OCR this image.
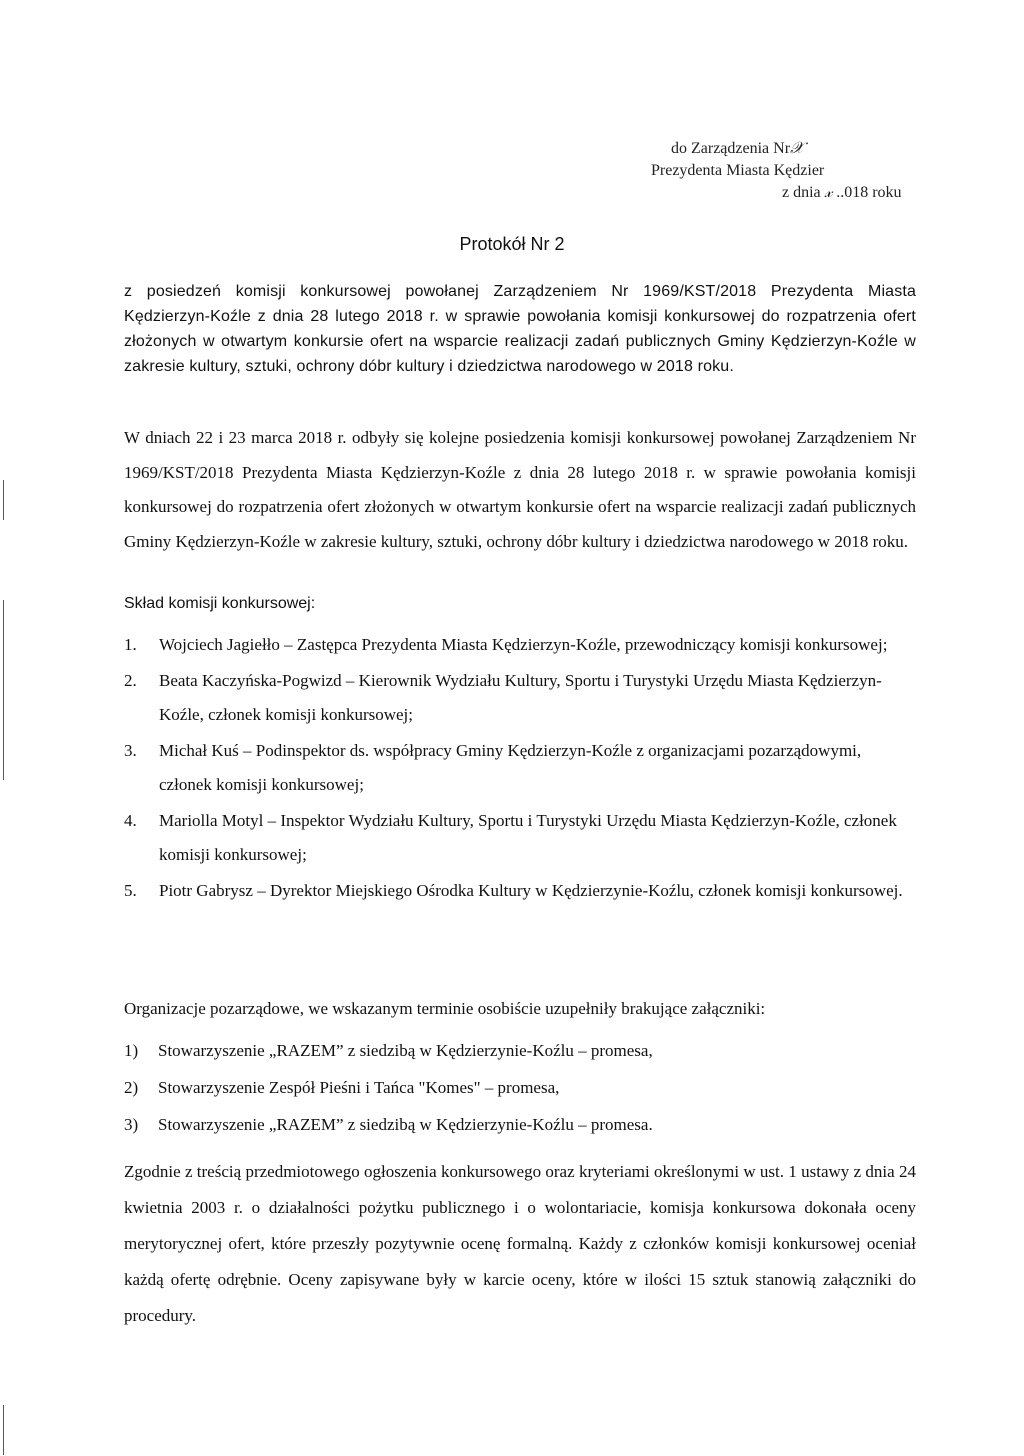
do Zarządzenia Nr𝒳
Prezydenta Miasta Kędzier
z dnia 𝓍 ..018 roku
Protokół Nr 2
z posiedzeń komisji konkursowej powołanej Zarządzeniem Nr 1969/KST/2018 Prezydenta Miasta Kędzierzyn-Koźle z dnia 28 lutego 2018 r. w sprawie powołania komisji konkursowej do rozpatrzenia ofert złożonych w otwartym konkursie ofert na wsparcie realizacji zadań publicznych Gminy Kędzierzyn-Koźle w zakresie kultury, sztuki, ochrony dóbr kultury i dziedzictwa narodowego w 2018 roku.
W dniach 22 i 23 marca 2018 r. odbyły się kolejne posiedzenia komisji konkursowej powołanej Zarządzeniem Nr 1969/KST/2018 Prezydenta Miasta Kędzierzyn-Koźle z dnia 28 lutego 2018 r. w sprawie powołania komisji konkursowej do rozpatrzenia ofert złożonych w otwartym konkursie ofert na wsparcie realizacji zadań publicznych Gminy Kędzierzyn-Koźle w zakresie kultury, sztuki, ochrony dóbr kultury i dziedzictwa narodowego w 2018 roku.
Skład komisji konkursowej:
1. Wojciech Jagiełło – Zastępca Prezydenta Miasta Kędzierzyn-Koźle, przewodniczący komisji konkursowej;
2. Beata Kaczyńska-Pogwizd – Kierownik Wydziału Kultury, Sportu i Turystyki Urzędu Miasta Kędzierzyn-Koźle, członek komisji konkursowej;
3. Michał Kuś – Podinspektor ds. współpracy Gminy Kędzierzyn-Koźle z organizacjami pozarządowymi, członek komisji konkursowej;
4. Mariolla Motyl – Inspektor Wydziału Kultury, Sportu i Turystyki Urzędu Miasta Kędzierzyn-Koźle, członek komisji konkursowej;
5. Piotr Gabrysz – Dyrektor Miejskiego Ośrodka Kultury w Kędzierzynie-Koźlu, członek komisji konkursowej.
Organizacje pozarządowe, we wskazanym terminie osobiście uzupełniły brakujące załączniki:
1) Stowarzyszenie „RAZEM” z siedzibą w Kędzierzynie-Koźlu – promesa,
2) Stowarzyszenie Zespół Pieśni i Tańca "Komes" – promesa,
3) Stowarzyszenie „RAZEM” z siedzibą w Kędzierzynie-Koźlu – promesa.
Zgodnie z treścią przedmiotowego ogłoszenia konkursowego oraz kryteriami określonymi w ust. 1 ustawy z dnia 24 kwietnia 2003 r. o działalności pożytku publicznego i o wolontariacie, komisja konkursowa dokonała oceny merytorycznej ofert, które przeszły pozytywnie ocenę formalną. Każdy z członków komisji konkursowej oceniał każdą ofertę odrębnie. Oceny zapisywane były w karcie oceny, które w ilości 15 sztuk stanowią załączniki do procedury.
